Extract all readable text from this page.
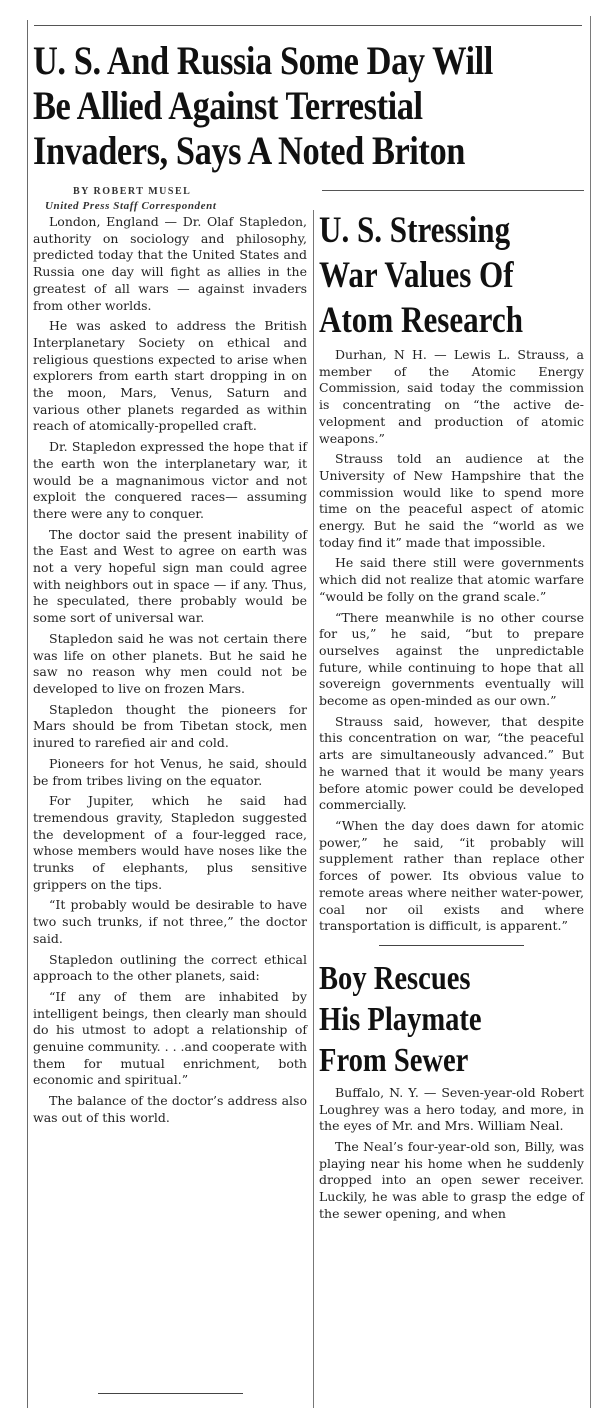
U. S. And Russia Some Day Will
Be Allied Against Terrestial
Invaders, Says A Noted Briton
BY ROBERT MUSEL
United Press Staff Correspondent

London, England — Dr. Olaf Stapledon, authority on sociology and philosophy, predicted today that the United States and Russia one day will fight as allies in the greatest of all wars — against invaders from other worlds.

He was asked to address the British Interplanetary Society on ethical and religious questions expected to arise when explorers from earth start dropping in on the moon, Mars, Venus, Saturn and various other planets regarded as within reach of atomically-propelled craft.

Dr. Stapledon expressed the hope that if the earth won the interplanetary war, it would be a magnanimous victor and not exploit the conquered races— assuming there were any to conquer.

The doctor said the present inability of the East and West to agree on earth was not a very hopeful sign man could agree with neighbors out in space — if any. Thus, he speculated, there probably would be some sort of universal war.

Stapledon said he was not certain there was life on other planets. But he said he saw no reason why men could not be developed to live on frozen Mars.

Stapledon thought the pioneers for Mars should be from Tibetan stock, men inured to rarefied air and cold.

Pioneers for hot Venus, he said, should be from tribes living on the equator.

For Jupiter, which he said had tremendous gravity, Stapledon suggested the development of a four-legged race, whose members would have noses like the trunks of elephants, plus sensitive grippers on the tips.

“It probably would be desirable to have two such trunks, if not three,” the doctor said.

Stapledon outlining the correct ethical approach to the other planets, said:

“If any of them are inhabited by intelligent beings, then clearly man should do his utmost to adopt a relationship of genuine community. . . .and cooperate with them for mutual enrichment, both economic and spiritual.”

The balance of the doctor’s address also was out of this world.

U. S. Stressing
War Values Of
Atom Research

Durhan, N H. — Lewis L. Strauss, a member of the Atomic Energy Commission, said today the commission is concentrating on “the active development and production of atomic weapons.”

Strauss told an audience at the University of New Hampshire that the commission would like to spend more time on the peaceful aspect of atomic energy. But he said the “world as we today find it” made that impossible.

He said there still were governments which did not realize that atomic warfare “would be folly on the grand scale.”

“There meanwhile is no other course for us,” he said, “but to prepare ourselves against the unpredictable future, while continuing to hope that all sovereign governments eventually will become as open-minded as our own.”

Strauss said, however, that despite this concentration on war, “the peaceful arts are simultaneously advanced.” But he warned that it would be many years before atomic power could be developed commercially.

“When the day does dawn for atomic power,” he said, “it probably will supplement rather than replace other forces of power. Its obvious value to remote areas where neither water-power, coal nor oil exists and where transportation is difficult, is apparent.”

Boy Rescues
His Playmate
From Sewer

Buffalo, N. Y. — Seven-year-old Robert Loughrey was a hero today, and more, in the eyes of Mr. and Mrs. William Neal.

The Neal’s four-year-old son, Billy, was playing near his home when he suddenly dropped into an open sewer receiver. Luckily, he was able to grasp the edge of the sewer opening, and when
